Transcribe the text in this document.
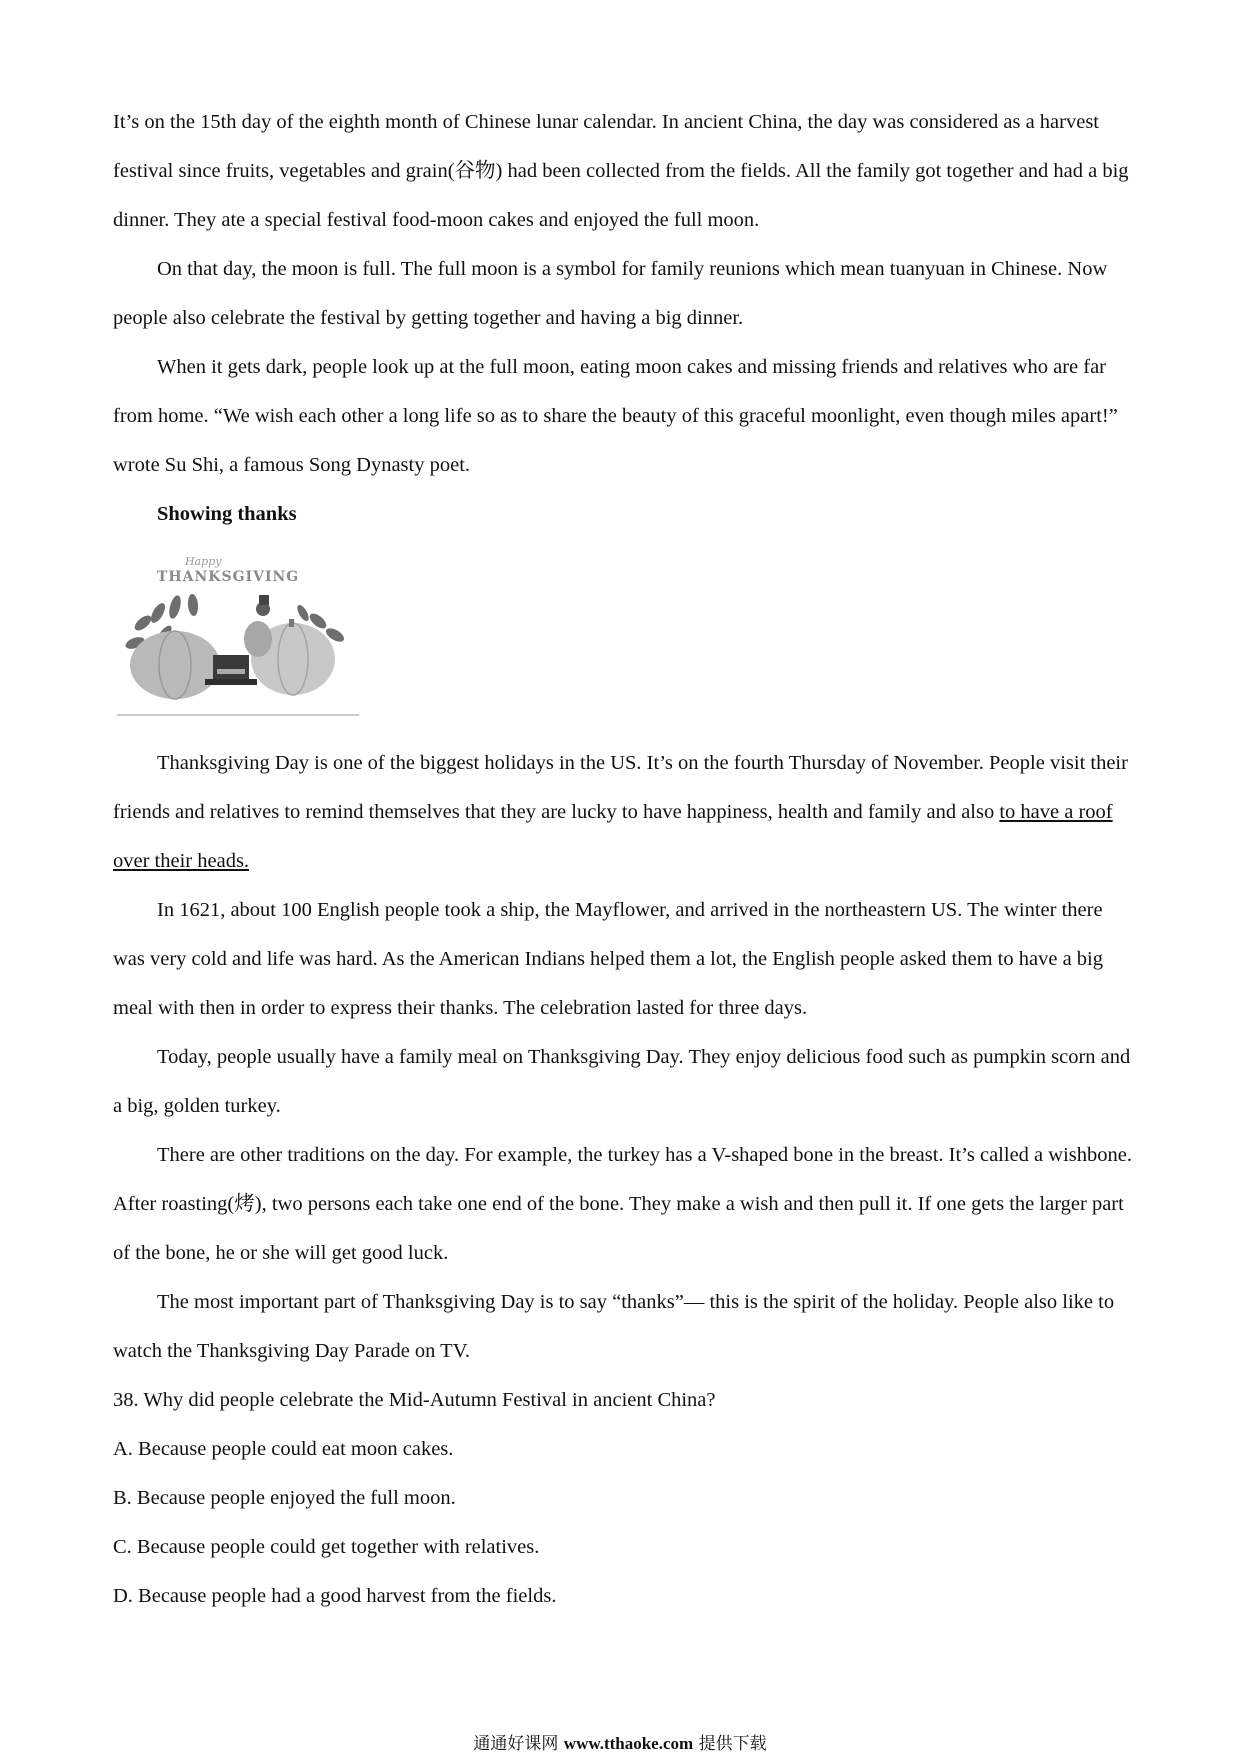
It’s on the 15th day of the eighth month of Chinese lunar calendar. In ancient China, the day was considered as a harvest festival since fruits, vegetables and grain(谷物) had been collected from the fields. All the family got together and had a big dinner. They ate a special festival food-moon cakes and enjoyed the full moon.

On that day, the moon is full. The full moon is a symbol for family reunions which mean tuanyuan in Chinese. Now people also celebrate the festival by getting together and having a big dinner.

When it gets dark, people look up at the full moon, eating moon cakes and missing friends and relatives who are far from home. “We wish each other a long life so as to share the beauty of this graceful moonlight, even though miles apart!” wrote Su Shi, a famous Song Dynasty poet.

Showing thanks
Happy
THANKSGIVING

Thanksgiving Day is one of the biggest holidays in the US. It’s on the fourth Thursday of November. People visit their friends and relatives to remind themselves that they are lucky to have happiness, health and family and also to have a roof over their heads.

In 1621, about 100 English people took a ship, the Mayflower, and arrived in the northeastern US. The winter there was very cold and life was hard. As the American Indians helped them a lot, the English people asked them to have a big meal with then in order to express their thanks. The celebration lasted for three days.

Today, people usually have a family meal on Thanksgiving Day. They enjoy delicious food such as pumpkin scorn and a big, golden turkey.

There are other traditions on the day. For example, the turkey has a V-shaped bone in the breast. It’s called a wishbone. After roasting(烤), two persons each take one end of the bone. They make a wish and then pull it. If one gets the larger part of the bone, he or she will get good luck.

The most important part of Thanksgiving Day is to say “thanks”— this is the spirit of the holiday. People also like to watch the Thanksgiving Day Parade on TV.

38. Why did people celebrate the Mid-Autumn Festival in ancient China?

A. Because people could eat moon cakes.

B. Because people enjoyed the full moon.

C. Because people could get together with relatives.

D. Because people had a good harvest from the fields.

通通好课网 www.tthaoke.com 提供下载
